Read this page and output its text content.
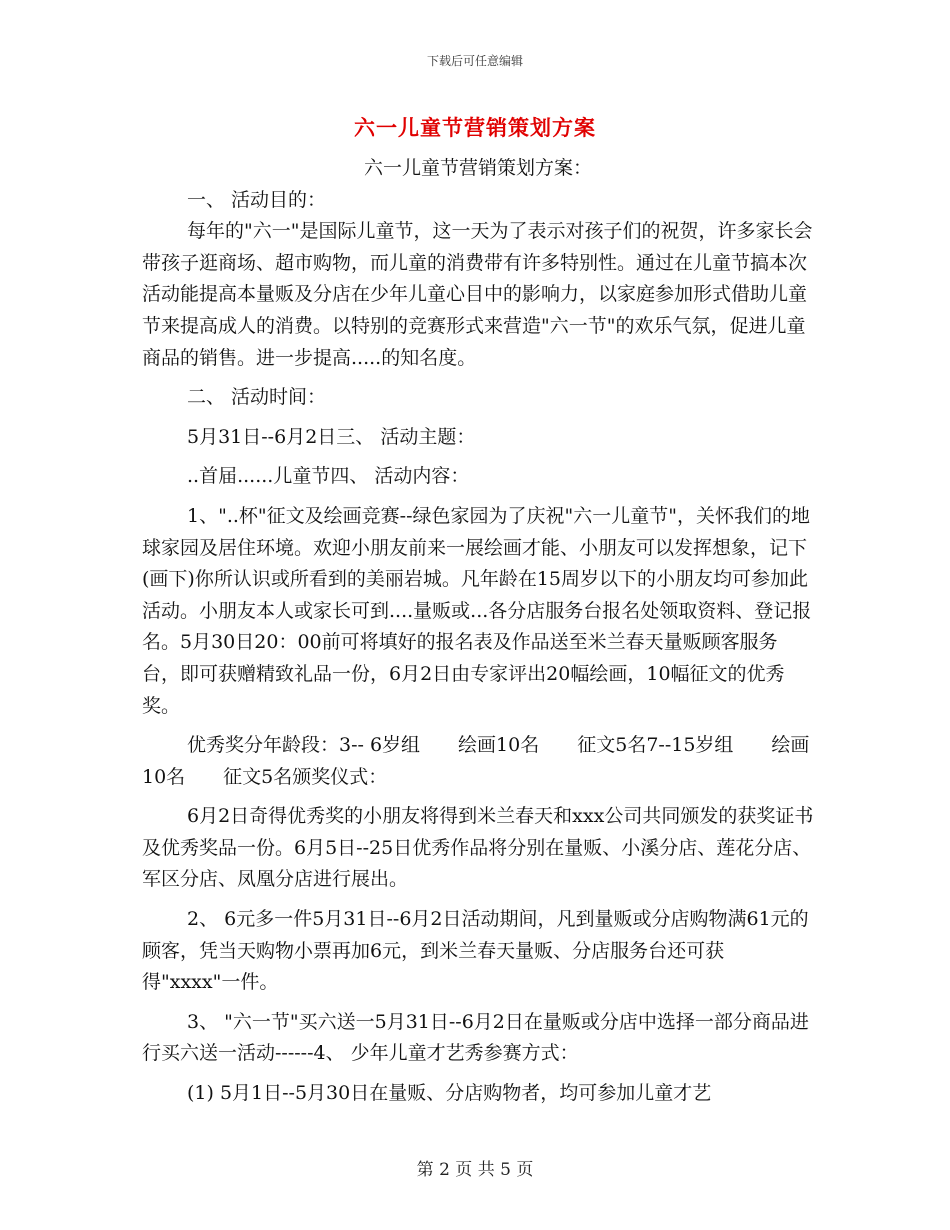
下载后可任意编辑
六一儿童节营销策划方案

六一儿童节营销策划方案：

一、 活动目的：

每年的"六一"是国际儿童节，这一天为了表示对孩子们的祝贺，许多家长会带孩子逛商场、超市购物，而儿童的消费带有许多特别性。通过在儿童节搞本次活动能提高本量贩及分店在少年儿童心目中的影响力，以家庭参加形式借助儿童节来提高成人的消费。以特别的竞赛形式来营造"六一节"的欢乐气氛，促进儿童商品的销售。进一步提高.....的知名度。

二、 活动时间：

5月31日--6月2日三、 活动主题：

..首届......儿童节四、 活动内容：

1、"..杯"征文及绘画竞赛--绿色家园为了庆祝"六一儿童节"，关怀我们的地球家园及居住环境。欢迎小朋友前来一展绘画才能、小朋友可以发挥想象，记下(画下)你所认识或所看到的美丽岩城。凡年龄在15周岁以下的小朋友均可参加此活动。小朋友本人或家长可到....量贩或...各分店服务台报名处领取资料、登记报名。5月30日20：00前可将填好的报名表及作品送至米兰春天量贩顾客服务台，即可获赠精致礼品一份，6月2日由专家评出20幅绘画，10幅征文的优秀奖。

优秀奖分年龄段：3-- 6岁组　　绘画10名　　征文5名7--15岁组　　绘画10名　　征文5名颁奖仪式：

6月2日奇得优秀奖的小朋友将得到米兰春天和xxx公司共同颁发的获奖证书及优秀奖品一份。6月5日--25日优秀作品将分别在量贩、小溪分店、莲花分店、军区分店、凤凰分店进行展出。

2、 6元多一件5月31日--6月2日活动期间，凡到量贩或分店购物满61元的顾客，凭当天购物小票再加6元，到米兰春天量贩、分店服务台还可获得"xxxx"一件。

3、 "六一节"买六送一5月31日--6月2日在量贩或分店中选择一部分商品进行买六送一活动------4、 少年儿童才艺秀参赛方式：

(1) 5月1日--5月30日在量贩、分店购物者，均可参加儿童才艺

第 2 页 共 5 页
